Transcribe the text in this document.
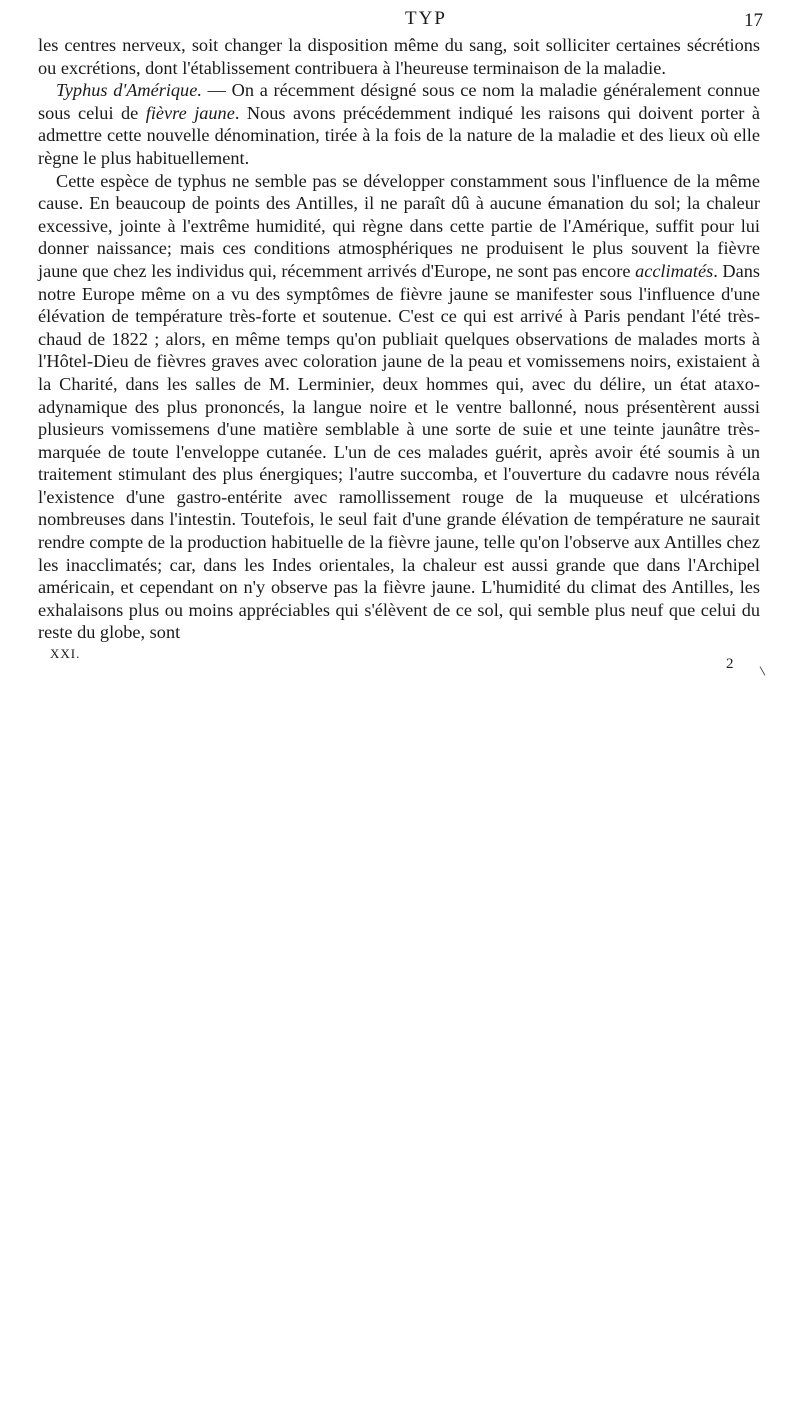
TYP	17

les centres nerveux, soit changer la disposition même du sang, soit solliciter certaines sécrétions ou excrétions, dont l'établissement contribuera à l'heureuse terminaison de la maladie.

Typhus d'Amérique. — On a récemment désigné sous ce nom la maladie généralement connue sous celui de fièvre jaune. Nous avons précédemment indiqué les raisons qui doivent porter à admettre cette nouvelle dénomination, tirée à la fois de la nature de la maladie et des lieux où elle règne le plus habituellement.

Cette espèce de typhus ne semble pas se développer constamment sous l'influence de la même cause. En beaucoup de points des Antilles, il ne paraît dû à aucune émanation du sol; la chaleur excessive, jointe à l'extrême humidité, qui règne dans cette partie de l'Amérique, suffit pour lui donner naissance; mais ces conditions atmosphériques ne produisent le plus souvent la fièvre jaune que chez les individus qui, récemment arrivés d'Europe, ne sont pas encore acclimatés. Dans notre Europe même on a vu des symptômes de fièvre jaune se manifester sous l'influence d'une élévation de température très-forte et soutenue. C'est ce qui est arrivé à Paris pendant l'été très-chaud de 1822 ; alors, en même temps qu'on publiait quelques observations de malades morts à l'Hôtel-Dieu de fièvres graves avec coloration jaune de la peau et vomissemens noirs, existaient à la Charité, dans les salles de M. Lerminier, deux hommes qui, avec du délire, un état ataxo-adynamique des plus prononcés, la langue noire et le ventre ballonné, nous présentèrent aussi plusieurs vomissemens d'une matière semblable à une sorte de suie et une teinte jaunâtre très-marquée de toute l'enveloppe cutanée. L'un de ces malades guérit, après avoir été soumis à un traitement stimulant des plus énergiques; l'autre succomba, et l'ouverture du cadavre nous révéla l'existence d'une gastro-entérite avec ramollissement rouge de la muqueuse et ulcérations nombreuses dans l'intestin. Toutefois, le seul fait d'une grande élévation de température ne saurait rendre compte de la production habituelle de la fièvre jaune, telle qu'on l'observe aux Antilles chez les inacclimatés; car, dans les Indes orientales, la chaleur est aussi grande que dans l'Archipel américain, et cependant on n'y observe pas la fièvre jaune. L'humidité du climat des Antilles, les exhalaisons plus ou moins appréciables qui s'élèvent de ce sol, qui semble plus neuf que celui du reste du globe, sont

XXI.
2
